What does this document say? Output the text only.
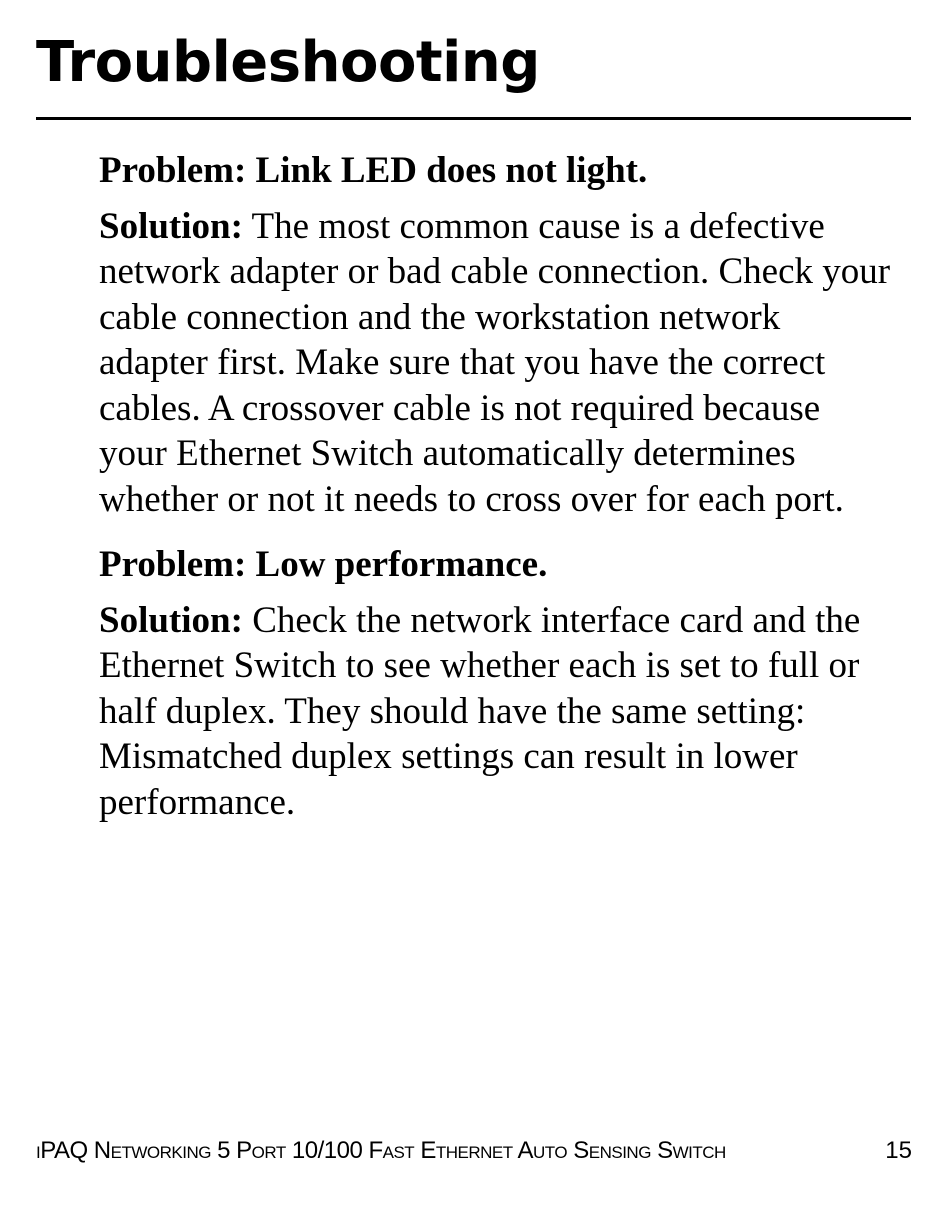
Troubleshooting

Problem: Link LED does not light.

Solution: The most common cause is a defective
network adapter or bad cable connection. Check your
cable connection and the workstation network
adapter first. Make sure that you have the correct
cables. A crossover cable is not required because
your Ethernet Switch automatically determines
whether or not it needs to cross over for each port.

Problem: Low performance.

Solution: Check the network interface card and the
Ethernet Switch to see whether each is set to full or
half duplex. They should have the same setting:
Mismatched duplex settings can result in lower
performance.

iPAQ Networking 5 Port 10/100 Fast Ethernet Auto Sensing Switch	15
